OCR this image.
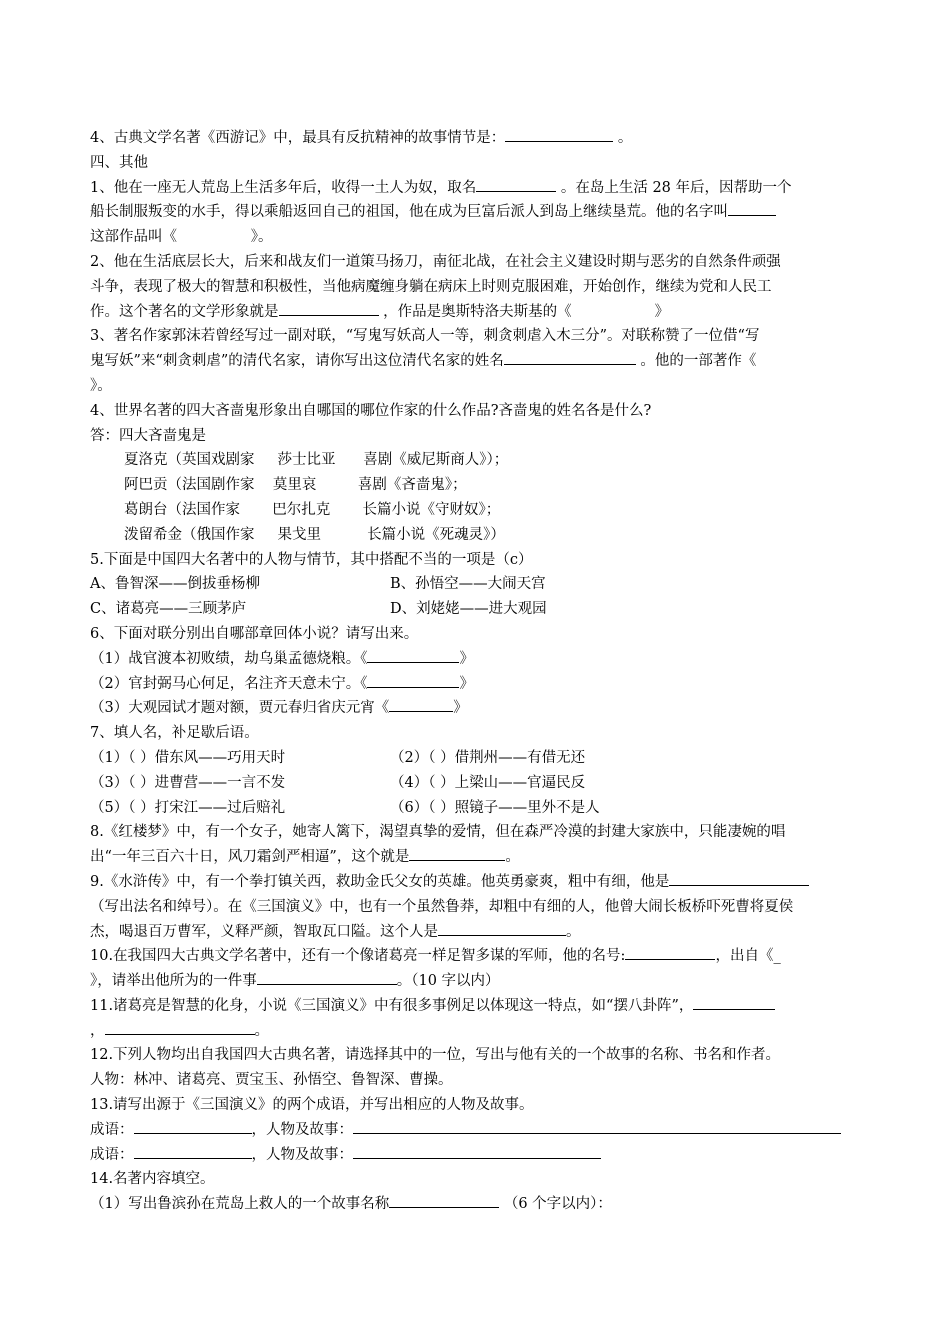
4、古典文学名著《西游记》中，最具有反抗精神的故事情节是：	。
四、其他
1、他在一座无人荒岛上生活多年后，收得一土人为奴，取名	。在岛上生活 28 年后，因帮助一个
船长制服叛变的水手，得以乘船返回自己的祖国，他在成为巨富后派人到岛上继续垦荒。他的名字叫
这部作品叫《                》。
2、他在生活底层长大，后来和战友们一道策马扬刀，南征北战，在社会主义建设时期与恶劣的自然条件顽强
斗争，表现了极大的智慧和积极性，当他病魔缠身躺在病床上时则克服困难，开始创作，继续为党和人民工
作。这个著名的文学形象就是	，作品是奥斯特洛夫斯基的《                  》
3、著名作家郭沫若曾经写过一副对联，“写鬼写妖高人一等，刺贪刺虐入木三分”。对联称赞了一位借“写
鬼写妖”来“刺贪刺虐”的清代名家，请你写出这位清代名家的姓名	。他的一部著作《
》。
4、世界名著的四大吝啬鬼形象出自哪国的哪位作家的什么作品?吝啬鬼的姓名各是什么?
答：四大吝啬鬼是
夏洛克（英国戏剧家     莎士比亚      喜剧《威尼斯商人》）；
阿巴贡（法国剧作家    莫里哀         喜剧《吝啬鬼》；
葛朗台（法国作家       巴尔扎克       长篇小说《守财奴》；
泼留希金（俄国作家     果戈里          长篇小说《死魂灵》）
5.下面是中国四大名著中的人物与情节，其中搭配不当的一项是（c）
A、鲁智深——倒拔垂杨柳	B、孙悟空——大闹天宫
C、诸葛亮——三顾茅庐	D、刘姥姥——进大观园
6、下面对联分别出自哪部章回体小说？请写出来。
（1）战官渡本初败绩，劫乌巢孟德烧粮。《	》
（2）官封弼马心何足，名注齐天意未宁。《	》
（3）大观园试才题对额，贾元春归省庆元宵《	》
7、填人名，补足歇后语。
（1）（ ）借东风——巧用天时	（2）（ ）借荆州——有借无还
（3）（ ）进曹营——一言不发	（4）（ ）上梁山——官逼民反
（5）（ ）打宋江——过后赔礼	（6）（ ）照镜子——里外不是人
8.《红楼梦》中，有一个女子，她寄人篱下，渴望真挚的爱情，但在森严冷漠的封建大家族中，只能凄婉的唱
出“一年三百六十日，风刀霜剑严相逼”，这个就是	。
9.《水浒传》中，有一个拳打镇关西，救助金氏父女的英雄。他英勇豪爽，粗中有细，他是
（写出法名和绰号）。在《三国演义》中，也有一个虽然鲁莽，却粗中有细的人，他曾大闹长板桥吓死曹将夏侯
杰，喝退百万曹军，义释严颜，智取瓦口隘。这个人是	。
10.在我国四大古典文学名著中，还有一个像诸葛亮一样足智多谋的军师，他的名号:	，出自《_
》，请举出他所为的一件事	。（10 字以内）
11.诸葛亮是智慧的化身，小说《三国演义》中有很多事例足以体现这一特点，如“摆八卦阵”，
，	。
12.下列人物均出自我国四大古典名著，请选择其中的一位，写出与他有关的一个故事的名称、书名和作者。
人物：林冲、诸葛亮、贾宝玉、孙悟空、鲁智深、曹操。
13.请写出源于《三国演义》的两个成语，并写出相应的人物及故事。
成语：	，人物及故事：
成语：	，人物及故事：
14.名著内容填空。
（1）写出鲁滨孙在荒岛上救人的一个故事名称	（6 个字以内）：
